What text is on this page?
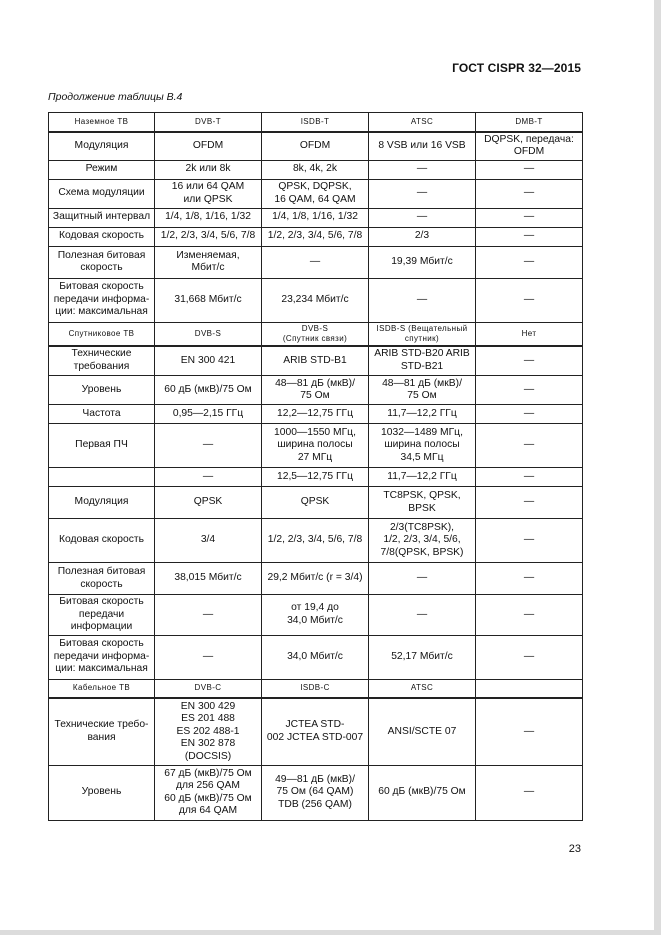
ГОСТ CISPR 32—2015
Продолжение таблицы В.4
Наземное ТВ	DVB-T	ISDB-T	ATSC	DMB-T
Модуляция	OFDM	OFDM	8 VSB или 16 VSB	DQPSK, передача:
OFDM
Режим	2k или 8k	8k, 4k, 2k	—	—
Схема модуляции	16 или 64 QAM
или QPSK	QPSK, DQPSK,
16 QAM, 64 QAM	—	—
Защитный интервал	1/4, 1/8, 1/16, 1/32	1/4, 1/8, 1/16, 1/32	—	—
Кодовая скорость	1/2, 2/3, 3/4, 5/6, 7/8	1/2, 2/3, 3/4, 5/6, 7/8	2/3	—
Полезная битовая
скорость	Изменяемая,
Мбит/с	—	19,39 Мбит/с	—
Битовая скорость
передачи информа-
ции: максимальная	31,668 Мбит/с	23,234 Мбит/с	—	—
Спутниковое ТВ	DVB-S	DVB-S
(Спутник связи)	ISDB-S (Вещательный
спутник)	Нет
Технические
требования	EN 300 421	ARIB STD-B1	ARIB STD-B20 ARIB
STD-B21	—
Уровень	60 дБ (мкВ)/75 Ом	48—81 дБ (мкВ)/
75 Ом	48—81 дБ (мкВ)/
75 Ом	—
Частота	0,95—2,15 ГГц	12,2—12,75 ГГц	11,7—12,2 ГГц	—
Первая ПЧ	—	1000—1550 МГц,
ширина полосы
27 МГц	1032—1489 МГц,
ширина полосы
34,5 МГц	—
	—	12,5—12,75 ГГц	11,7—12,2 ГГц	—
Модуляция	QPSK	QPSK	TC8PSK, QPSK,
BPSK	—
Кодовая скорость	3/4	1/2, 2/3, 3/4, 5/6, 7/8	2/3(TC8PSK),
1/2, 2/3, 3/4, 5/6,
7/8(QPSK, BPSK)	—
Полезная битовая
скорость	38,015 Мбит/с	29,2 Мбит/с (r = 3/4)	—	—
Битовая скорость
передачи информации	—	от 19,4 до
34,0 Мбит/с	—	—
Битовая скорость
передачи информа-
ции: максимальная	—	34,0 Мбит/с	52,17 Мбит/с	—
Кабельное ТВ	DVB-C	ISDB-C	ATSC	
Технические требо-
вания	EN 300 429
ES 201 488
ES 202 488-1
EN 302 878
(DOCSIS)	JCTEA STD-
002 JCTEA STD-007	ANSI/SCTE 07	—
Уровень	67 дБ (мкВ)/75 Ом
для 256 QAM
60 дБ (мкВ)/75 Ом
для 64 QAM	49—81 дБ (мкВ)/
75 Ом (64 QAM)
TDB (256 QAM)	60 дБ (мкВ)/75 Ом	—
23
